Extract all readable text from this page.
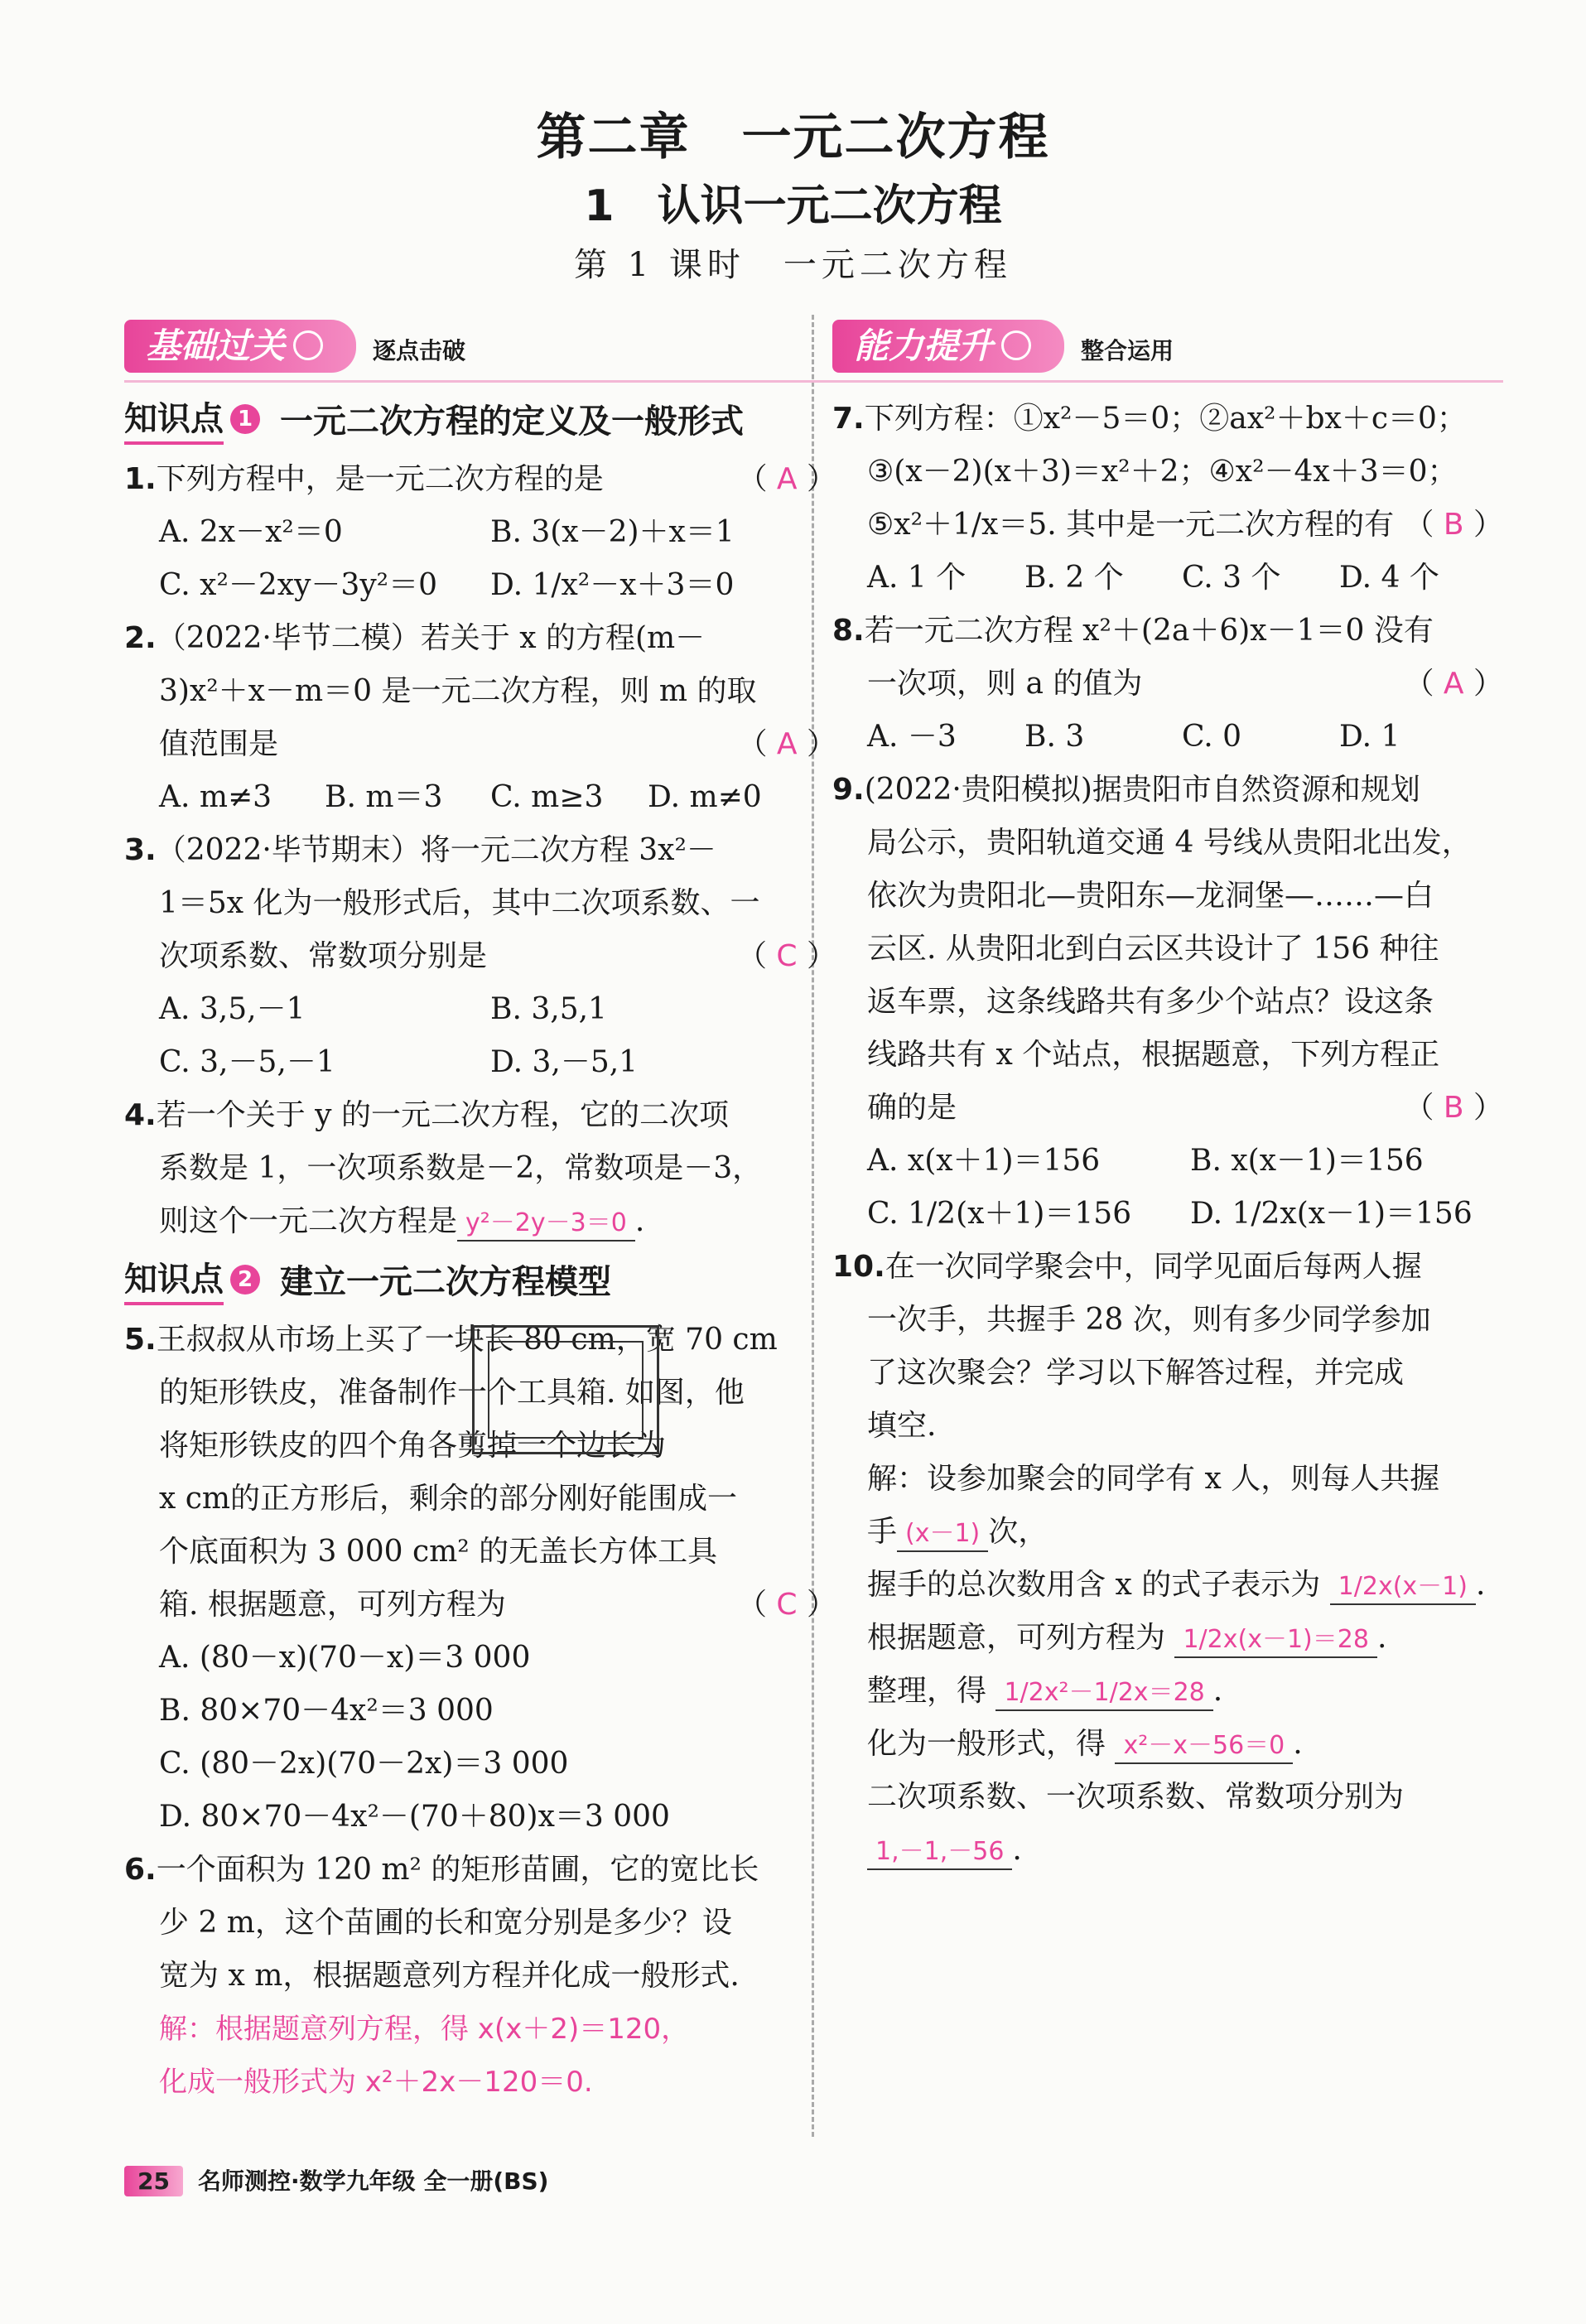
第二章　一元二次方程
1　认识一元二次方程
第 1 课时　一元二次方程
基础过关	逐点击破
知识点 1 一元二次方程的定义及一般形式

1.下列方程中，是一元二次方程的是	（ A ）

A. 2x－x²＝0	B. 3(x－2)＋x＝1
C. x²－2xy－3y²＝0	D. 1/x²－x＋3＝0

2.（2022·毕节二模）若关于 x 的方程(m－

3)x²＋x－m＝0 是一元二次方程，则 m 的取

值范围是	（ A ）

A. m≠3	B. m＝3	C. m≥3	D. m≠0

3.（2022·毕节期末）将一元二次方程 3x²－

1＝5x 化为一般形式后，其中二次项系数、一

次项系数、常数项分别是	（ C ）

A. 3,5,－1	B. 3,5,1
C. 3,－5,－1	D. 3,－5,1

4.若一个关于 y 的一元二次方程，它的二次项

系数是 1，一次项系数是－2，常数项是－3，

则这个一元二次方程是 y²－2y－3＝0 .

知识点 2 建立一元二次方程模型

5.王叔叔从市场上买了一块长 80 cm，宽 70 cm

的矩形铁皮，准备制作一个工具箱. 如图，他

将矩形铁皮的四个角各剪掉一个边长为

x cm的正方形后，剩余的部分刚好能围成一

个底面积为 3 000 cm² 的无盖长方体工具

箱. 根据题意，可列方程为	（ C ）

A. (80－x)(70－x)＝3 000
B. 80×70－4x²＝3 000
C. (80－2x)(70－2x)＝3 000
D. 80×70－4x²－(70＋80)x＝3 000

6.一个面积为 120 m² 的矩形苗圃，它的宽比长

少 2 m，这个苗圃的长和宽分别是多少？设

宽为 x m，根据题意列方程并化成一般形式.

解：根据题意列方程，得 x(x＋2)＝120，
化成一般形式为 x²＋2x－120＝0.
能力提升	整合运用

7.下列方程：①x²－5＝0；②ax²＋bx＋c＝0；

③(x－2)(x＋3)＝x²＋2；④x²－4x＋3＝0；

⑤x²＋1/x＝5. 其中是一元二次方程的有 （ B ）

A. 1 个	B. 2 个	C. 3 个	D. 4 个

8.若一元二次方程 x²＋(2a＋6)x－1＝0 没有

一次项，则 a 的值为	（ A ）

A. －3	B. 3	C. 0	D. 1

9.(2022·贵阳模拟)据贵阳市自然资源和规划

局公示，贵阳轨道交通 4 号线从贵阳北出发，

依次为贵阳北—贵阳东—龙洞堡—……—白

云区. 从贵阳北到白云区共设计了 156 种往

返车票，这条线路共有多少个站点？设这条

线路共有 x 个站点，根据题意，下列方程正

确的是	（ B ）

A. x(x＋1)＝156	B. x(x－1)＝156
C. 1/2(x＋1)＝156	D. 1/2x(x－1)＝156

10.在一次同学聚会中，同学见面后每两人握

一次手，共握手 28 次，则有多少同学参加

了这次聚会？学习以下解答过程，并完成

填空.

解：设参加聚会的同学有 x 人，则每人共握

手 (x－1) 次，

握手的总次数用含 x 的式子表示为 1/2x(x－1) .

根据题意，可列方程为 1/2x(x－1)＝28 .

整理，得 1/2x²－1/2x＝28 .

化为一般形式，得 x²－x－56＝0 .

二次项系数、一次项系数、常数项分别为

1,－1,－56 .

25 名师测控·数学九年级 全一册(BS)
